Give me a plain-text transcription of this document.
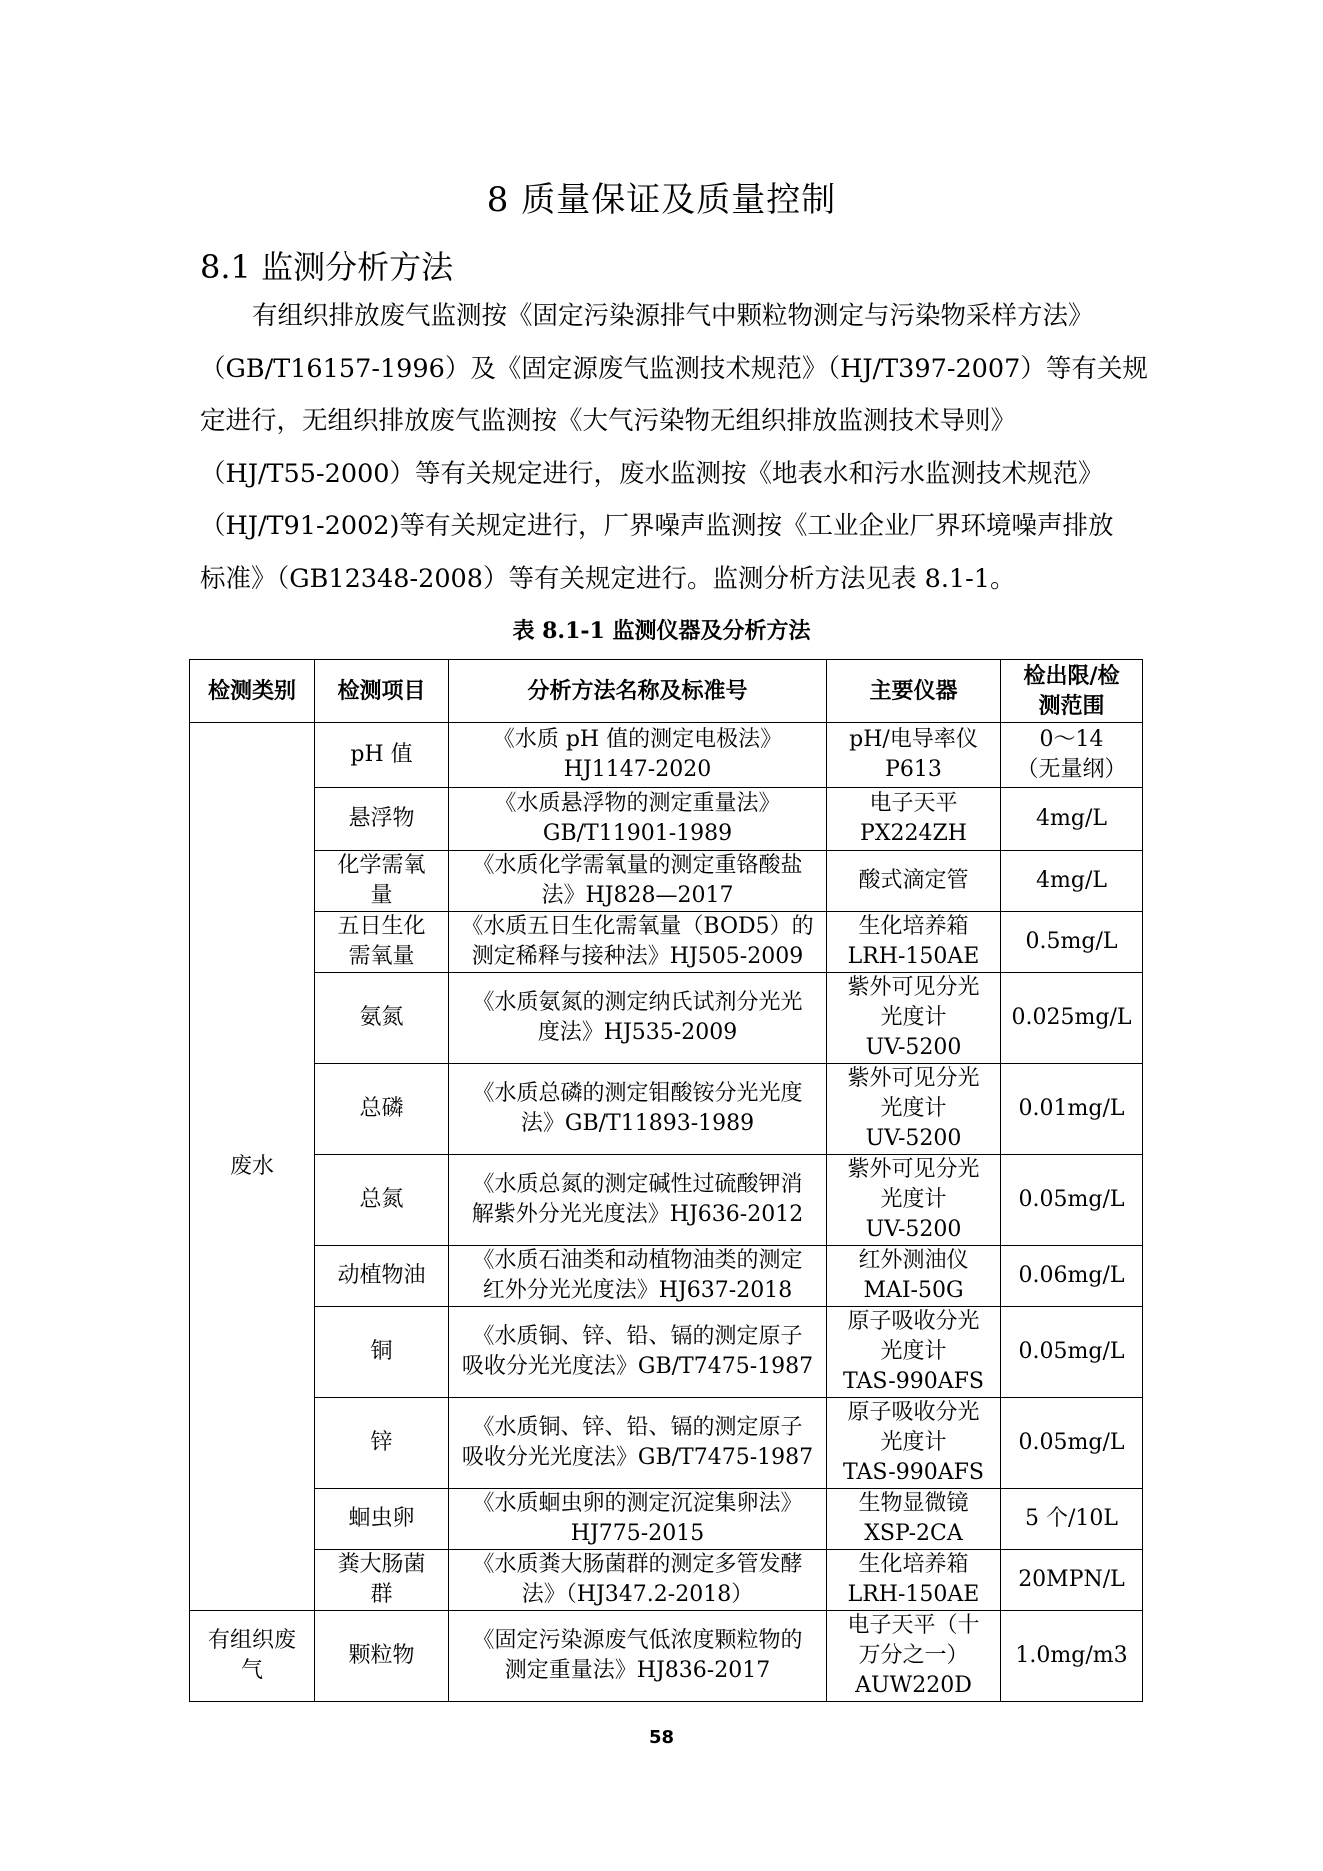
8 质量保证及质量控制
8.1 监测分析方法
有组织排放废气监测按《固定污染源排气中颗粒物测定与污染物采样方法》
（GB/T16157-1996）及《固定源废气监测技术规范》（HJ/T397-2007）等有关规
定进行，无组织排放废气监测按《大气污染物无组织排放监测技术导则》
（HJ/T55-2000）等有关规定进行，废水监测按《地表水和污水监测技术规范》
（HJ/T91-2002)等有关规定进行，厂界噪声监测按《工业企业厂界环境噪声排放
标准》（GB12348-2008）等有关规定进行。监测分析方法见表 8.1-1。
表 8.1-1 监测仪器及分析方法
检测类别	检测项目	分析方法名称及标准号	主要仪器	检出限/检
测范围

废水	pH 值	《水质 pH 值的测定电极法》
HJ1147-2020	pH/电导率仪
P613	0～14
（无量纲）

	悬浮物	《水质悬浮物的测定重量法》
GB/T11901-1989	电子天平
PX224ZH	4mg/L

	化学需氧
量	《水质化学需氧量的测定重铬酸盐
法》HJ828—2017	酸式滴定管	4mg/L

	五日生化
需氧量	《水质五日生化需氧量（BOD5）的
测定稀释与接种法》HJ505-2009	生化培养箱
LRH-150AE	0.5mg/L

	氨氮	《水质氨氮的测定纳氏试剂分光光
度法》HJ535-2009	紫外可见分光
光度计
UV-5200	0.025mg/L

	总磷	《水质总磷的测定钼酸铵分光光度
法》GB/T11893-1989	紫外可见分光
光度计
UV-5200	0.01mg/L

	总氮	《水质总氮的测定碱性过硫酸钾消
解紫外分光光度法》HJ636-2012	紫外可见分光
光度计
UV-5200	0.05mg/L

	动植物油	《水质石油类和动植物油类的测定
红外分光光度法》HJ637-2018	红外测油仪
MAI-50G	0.06mg/L

	铜	《水质铜、锌、铅、镉的测定原子
吸收分光光度法》GB/T7475-1987	原子吸收分光
光度计
TAS-990AFS	0.05mg/L

	锌	《水质铜、锌、铅、镉的测定原子
吸收分光光度法》GB/T7475-1987	原子吸收分光
光度计
TAS-990AFS	0.05mg/L

	蛔虫卵	《水质蛔虫卵的测定沉淀集卵法》
HJ775-2015	生物显微镜
XSP-2CA	5 个/10L

	粪大肠菌
群	《水质粪大肠菌群的测定多管发酵
法》（HJ347.2-2018）	生化培养箱
LRH-150AE	20MPN/L

有组织废
气	颗粒物	《固定污染源废气低浓度颗粒物的
测定重量法》HJ836-2017	电子天平（十
万分之一）
AUW220D	1.0mg/m3
58
